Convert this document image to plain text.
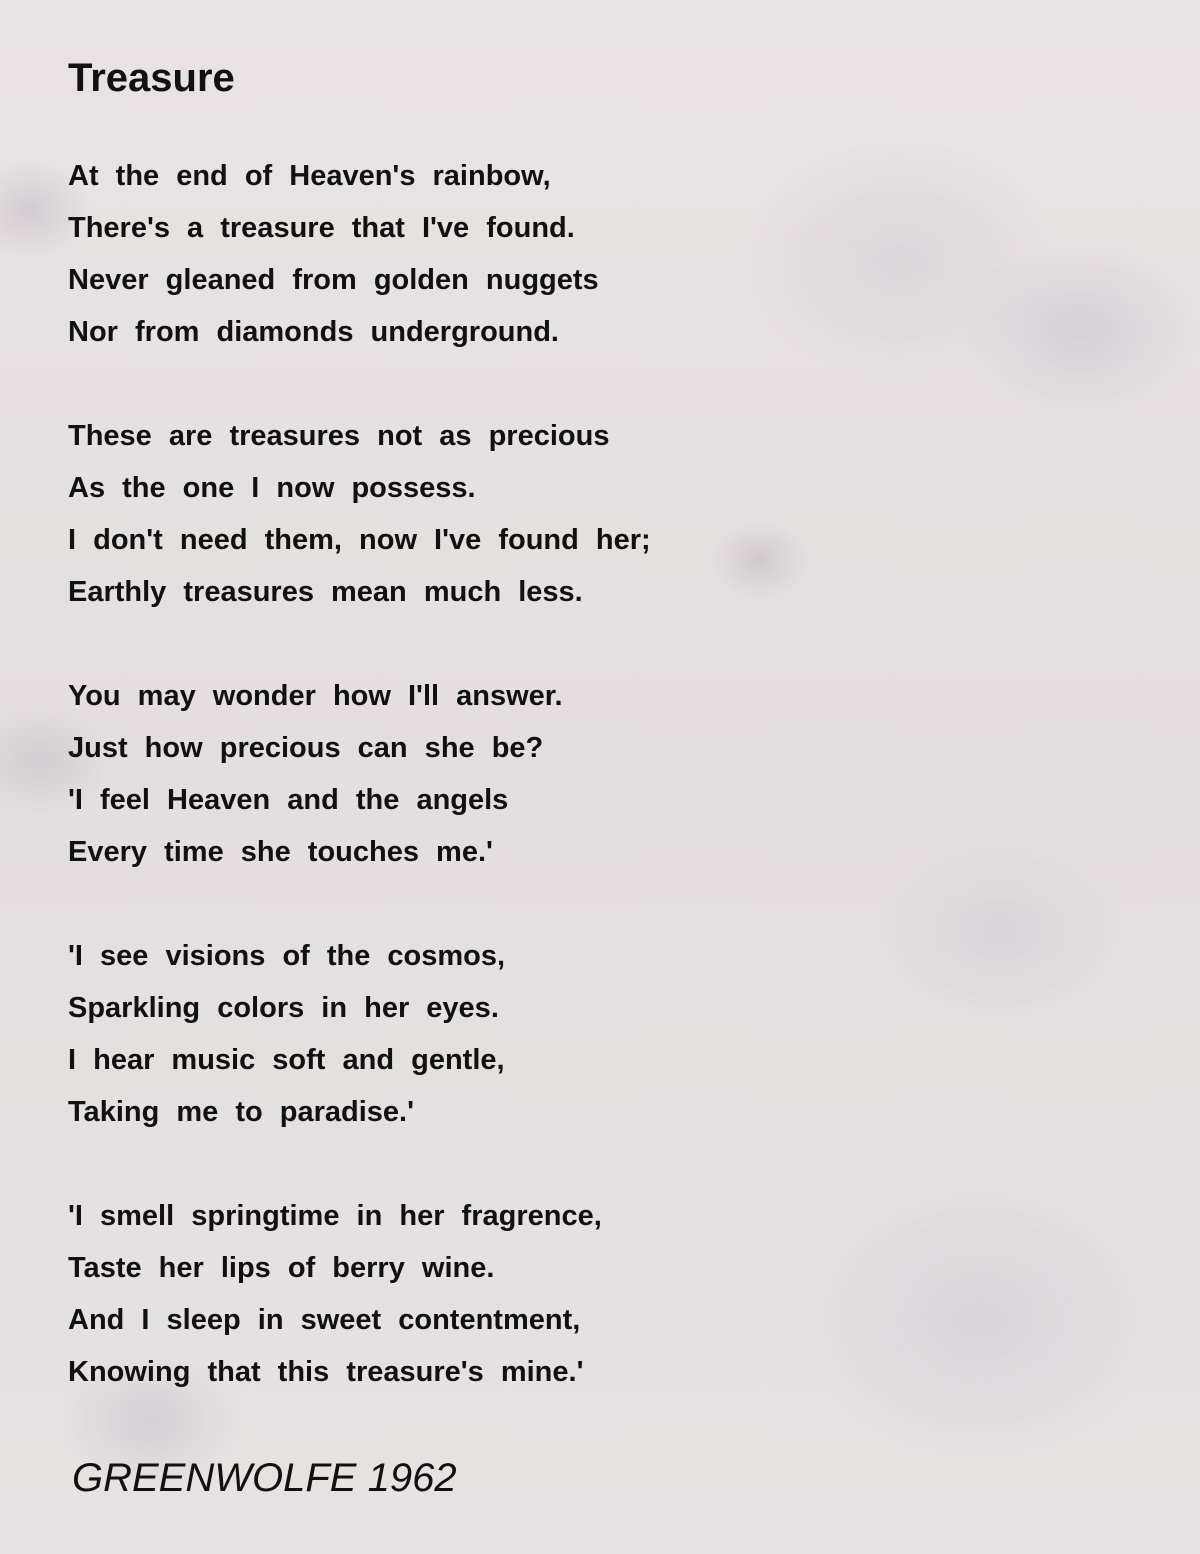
Treasure
At the end of Heaven's rainbow,
There's a treasure that I've found.
Never gleaned from golden nuggets
Nor from diamonds underground.
These are treasures not as precious
As the one I now possess.
I don't need them, now I've found her;
Earthly treasures mean much less.
You may wonder how I'll answer.
Just how precious can she be?
'I feel Heaven and the angels
Every time she touches me.'
'I see visions of the cosmos,
Sparkling colors in her eyes.
I hear music soft and gentle,
Taking me to paradise.'
'I smell springtime in her fragrence,
Taste her lips of berry wine.
And I sleep in sweet contentment,
Knowing that this treasure's mine.'
GREENWOLFE 1962
